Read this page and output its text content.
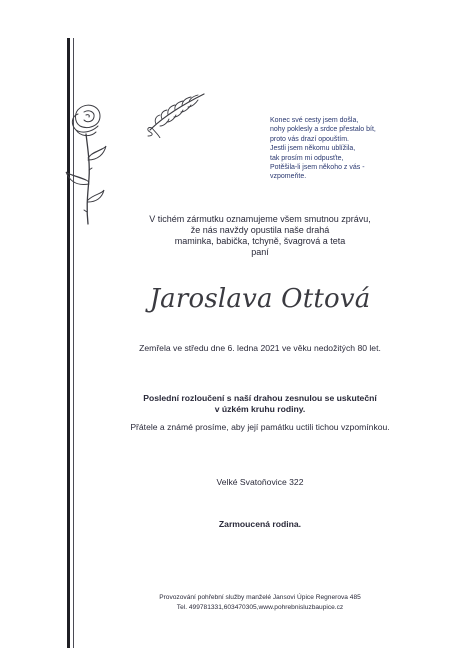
Konec své cesty jsem došla,
nohy poklesly a srdce přestalo bít,
proto vás drazí opouštím.
Jestli jsem někomu ublížila,
tak prosím mi odpusťte,
Potěšila-li jsem někoho z vás -
vzpomeňte.
V tichém zármutku oznamujeme všem smutnou zprávu,
že nás navždy opustila naše drahá
maminka, babička, tchyně, švagrová a teta
paní
Jaroslava Ottová
Zemřela ve středu dne 6. ledna 2021 ve věku nedožitých 80 let.
Poslední rozloučení s naší drahou zesnulou se uskuteční
v úzkém kruhu rodiny.
Přátele a známé prosíme, aby její památku uctili tichou vzpomínkou.
Velké Svatoňovice 322
Zarmoucená rodina.
Provozování pohřební služby manželé Jansovi Úpice Regnerova 485
Tel. 499781331,603470305,www.pohrebnisluzbaupice.cz
